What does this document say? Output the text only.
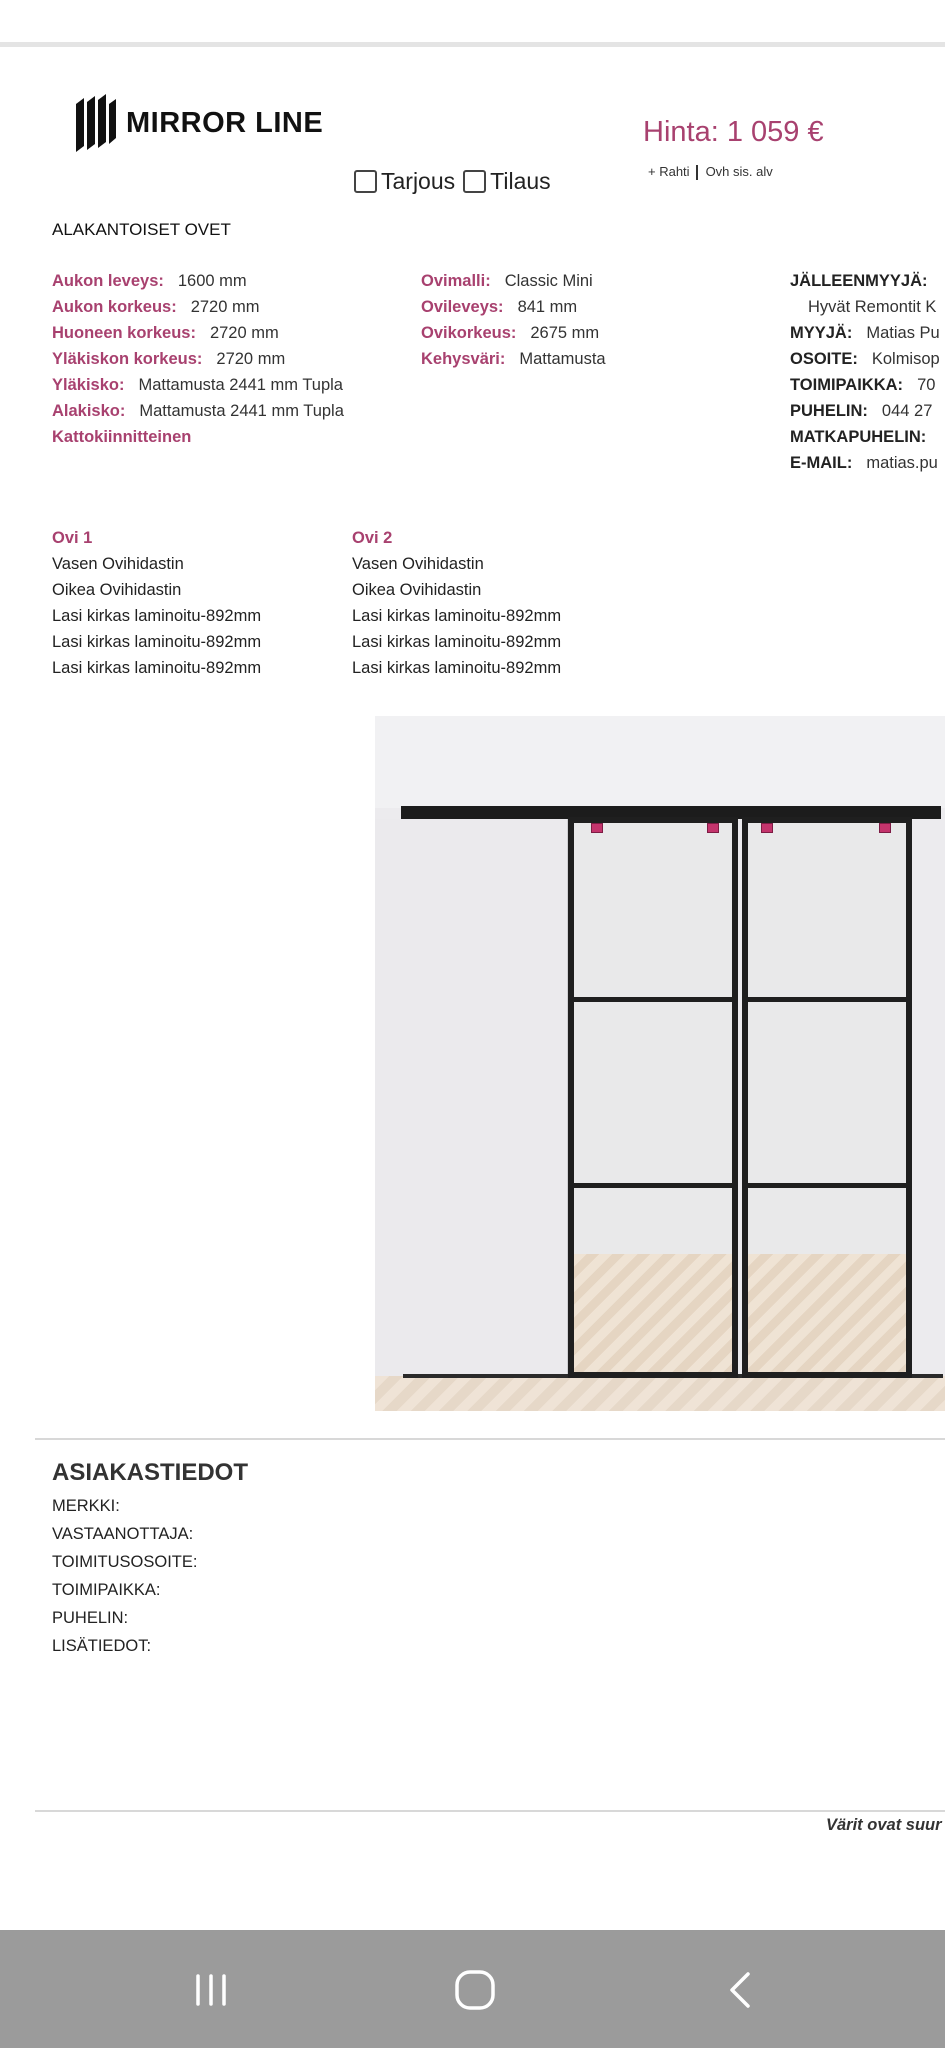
MIRROR LINE	Hinta: 1 059 €
+ Rahti Ovh sis. alv
Tarjous Tilaus
ALAKANTOISET OVET
Aukon leveys: 1600 mm
Aukon korkeus: 2720 mm
Huoneen korkeus: 2720 mm
Yläkiskon korkeus: 2720 mm
Yläkisko: Mattamusta 2441 mm Tupla
Alakisko: Mattamusta 2441 mm Tupla
Kattokiinnitteinen
Ovimalli: Classic Mini
Ovileveys: 841 mm
Ovikorkeus: 2675 mm
Kehysväri: Mattamusta
JÄLLEENMYYJÄ:
Hyvät Remontit K
MYYJÄ: Matias Pu
OSOITE: Kolmisop
TOIMIPAIKKA: 70
PUHELIN: 044 27
MATKAPUHELIN:
E-MAIL: matias.pu
Ovi 1
Vasen Ovihidastin
Oikea Ovihidastin
Lasi kirkas laminoitu-892mm
Lasi kirkas laminoitu-892mm
Lasi kirkas laminoitu-892mm
Ovi 2
Vasen Ovihidastin
Oikea Ovihidastin
Lasi kirkas laminoitu-892mm
Lasi kirkas laminoitu-892mm
Lasi kirkas laminoitu-892mm
ASIAKASTIEDOT
MERKKI:
VASTAANOTTAJA:
TOIMITUSOSOITE:
TOIMIPAIKKA:
PUHELIN:
LISÄTIEDOT:
Värit ovat suur
